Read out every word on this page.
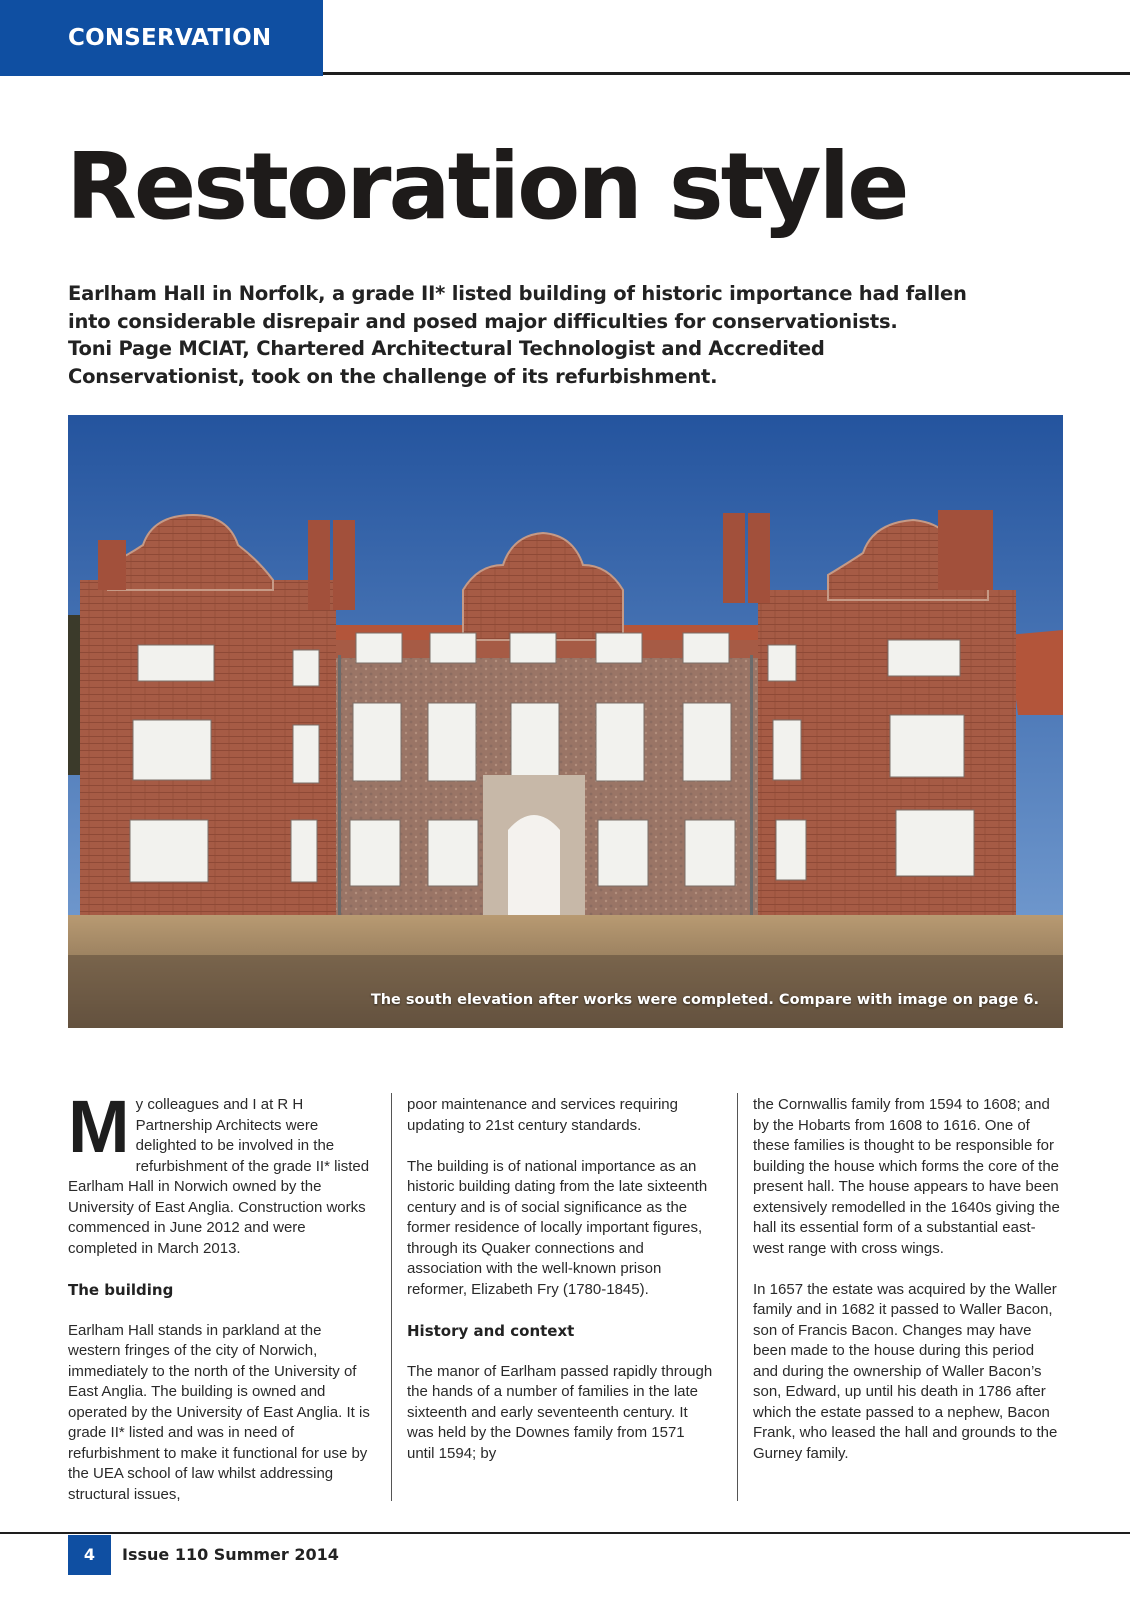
CONSERVATION
Restoration style
Earlham Hall in Norfolk, a grade II* listed building of historic importance had fallen into considerable disrepair and posed major difficulties for conservationists.
Toni Page MCIAT, Chartered Architectural Technologist and Accredited Conservationist, took on the challenge of its refurbishment.
The south elevation after works were completed. Compare with image on page 6.

My colleagues and I at R H Partnership Architects were delighted to be involved in the refurbishment of the grade II* listed Earlham Hall in Norwich owned by the University of East Anglia. Construction works commenced in June 2012 and were completed in March 2013.

The building

Earlham Hall stands in parkland at the western fringes of the city of Norwich, immediately to the north of the University of East Anglia. The building is owned and operated by the University of East Anglia. It is grade II* listed and was in need of refurbishment to make it functional for use by the UEA school of law whilst addressing structural issues,

poor maintenance and services requiring updating to 21st century standards.

The building is of national importance as an historic building dating from the late sixteenth century and is of social significance as the former residence of locally important figures, through its Quaker connections and association with the well-known prison reformer, Elizabeth Fry (1780-1845).

History and context

The manor of Earlham passed rapidly through the hands of a number of families in the late sixteenth and early seventeenth century. It was held by the Downes family from 1571 until 1594; by

the Cornwallis family from 1594 to 1608; and by the Hobarts from 1608 to 1616. One of these families is thought to be responsible for building the house which forms the core of the present hall. The house appears to have been extensively remodelled in the 1640s giving the hall its essential form of a substantial east-west range with cross wings.

In 1657 the estate was acquired by the Waller family and in 1682 it passed to Waller Bacon, son of Francis Bacon. Changes may have been made to the house during this period and during the ownership of Waller Bacon’s son, Edward, up until his death in 1786 after which the estate passed to a nephew, Bacon Frank, who leased the hall and grounds to the Gurney family.

4	Issue 110 Summer 2014
